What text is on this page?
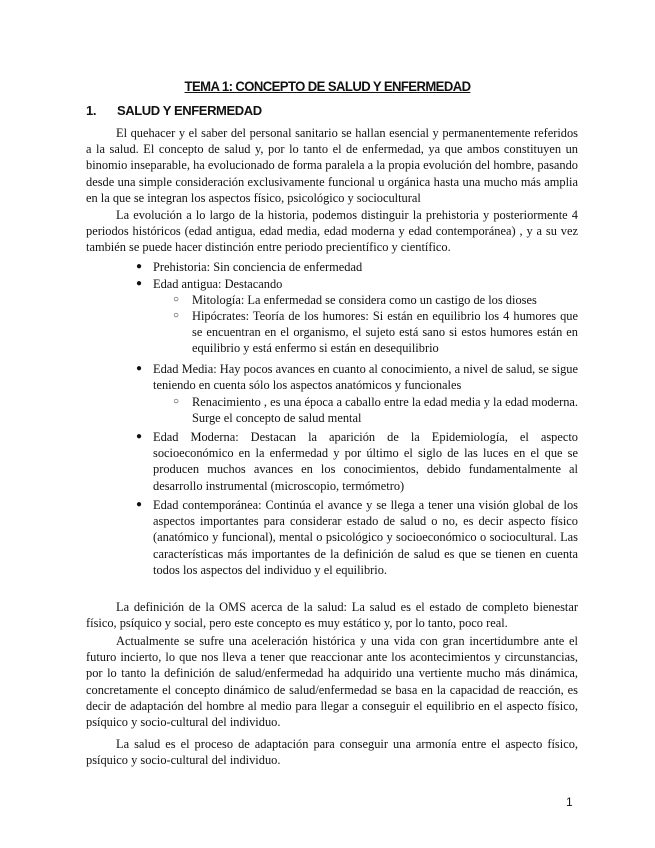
TEMA 1: CONCEPTO DE SALUD Y ENFERMEDAD
1. SALUD Y ENFERMEDAD

El quehacer y el saber del personal sanitario se hallan esencial y permanentemente referidos a la salud. El concepto de salud y, por lo tanto el de enfermedad, ya que ambos constituyen un binomio inseparable, ha evolucionado de forma paralela a la propia evolución del hombre, pasando desde una simple consideración exclusivamente funcional u orgánica hasta una mucho más amplia en la que se integran los aspectos físico, psicológico y sociocultural

La evolución a lo largo de la historia, podemos distinguir la prehistoria y posteriormente 4 periodos históricos (edad antigua, edad media, edad moderna y edad contemporánea) , y a su vez también se puede hacer distinción entre periodo precientífico y científico.

● Prehistoria: Sin conciencia de enfermedad
● Edad antigua: Destacando
○ Mitología: La enfermedad se considera como un castigo de los dioses
○ Hipócrates: Teoría de los humores: Si están en equilibrio los 4 humores que se encuentran en el organismo, el sujeto está sano si estos humores están en equilibrio y está enfermo si están en desequilibrio
● Edad Media: Hay pocos avances en cuanto al conocimiento, a nivel de salud, se sigue teniendo en cuenta sólo los aspectos anatómicos y funcionales
○ Renacimiento , es una época a caballo entre la edad media y la edad moderna. Surge el concepto de salud mental
● Edad Moderna: Destacan la aparición de la Epidemiología, el aspecto socioeconómico en la enfermedad y por último el siglo de las luces en el que se producen muchos avances en los conocimientos, debido fundamentalmente al desarrollo instrumental (microscopio, termómetro)
● Edad contemporánea: Continúa el avance y se llega a tener una visión global de los aspectos importantes para considerar estado de salud o no, es decir aspecto físico (anatómico y funcional), mental o psicológico y socioeconómico o sociocultural. Las características más importantes de la definición de salud es que se tienen en cuenta todos los aspectos del individuo y el equilibrio.

La definición de la OMS acerca de la salud: La salud es el estado de completo bienestar físico, psíquico y social, pero este concepto es muy estático y, por lo tanto, poco real.

Actualmente se sufre una aceleración histórica y una vida con gran incertidumbre ante el futuro incierto, lo que nos lleva a tener que reaccionar ante los acontecimientos y circunstancias, por lo tanto la definición de salud/enfermedad ha adquirido una vertiente mucho más dinámica, concretamente el concepto dinámico de salud/enfermedad se basa en la capacidad de reacción, es decir de adaptación del hombre al medio para llegar a conseguir el equilibrio en el aspecto físico, psíquico y socio-cultural del individuo.

La salud es el proceso de adaptación para conseguir una armonía entre el aspecto físico, psíquico y socio-cultural del individuo.

1
